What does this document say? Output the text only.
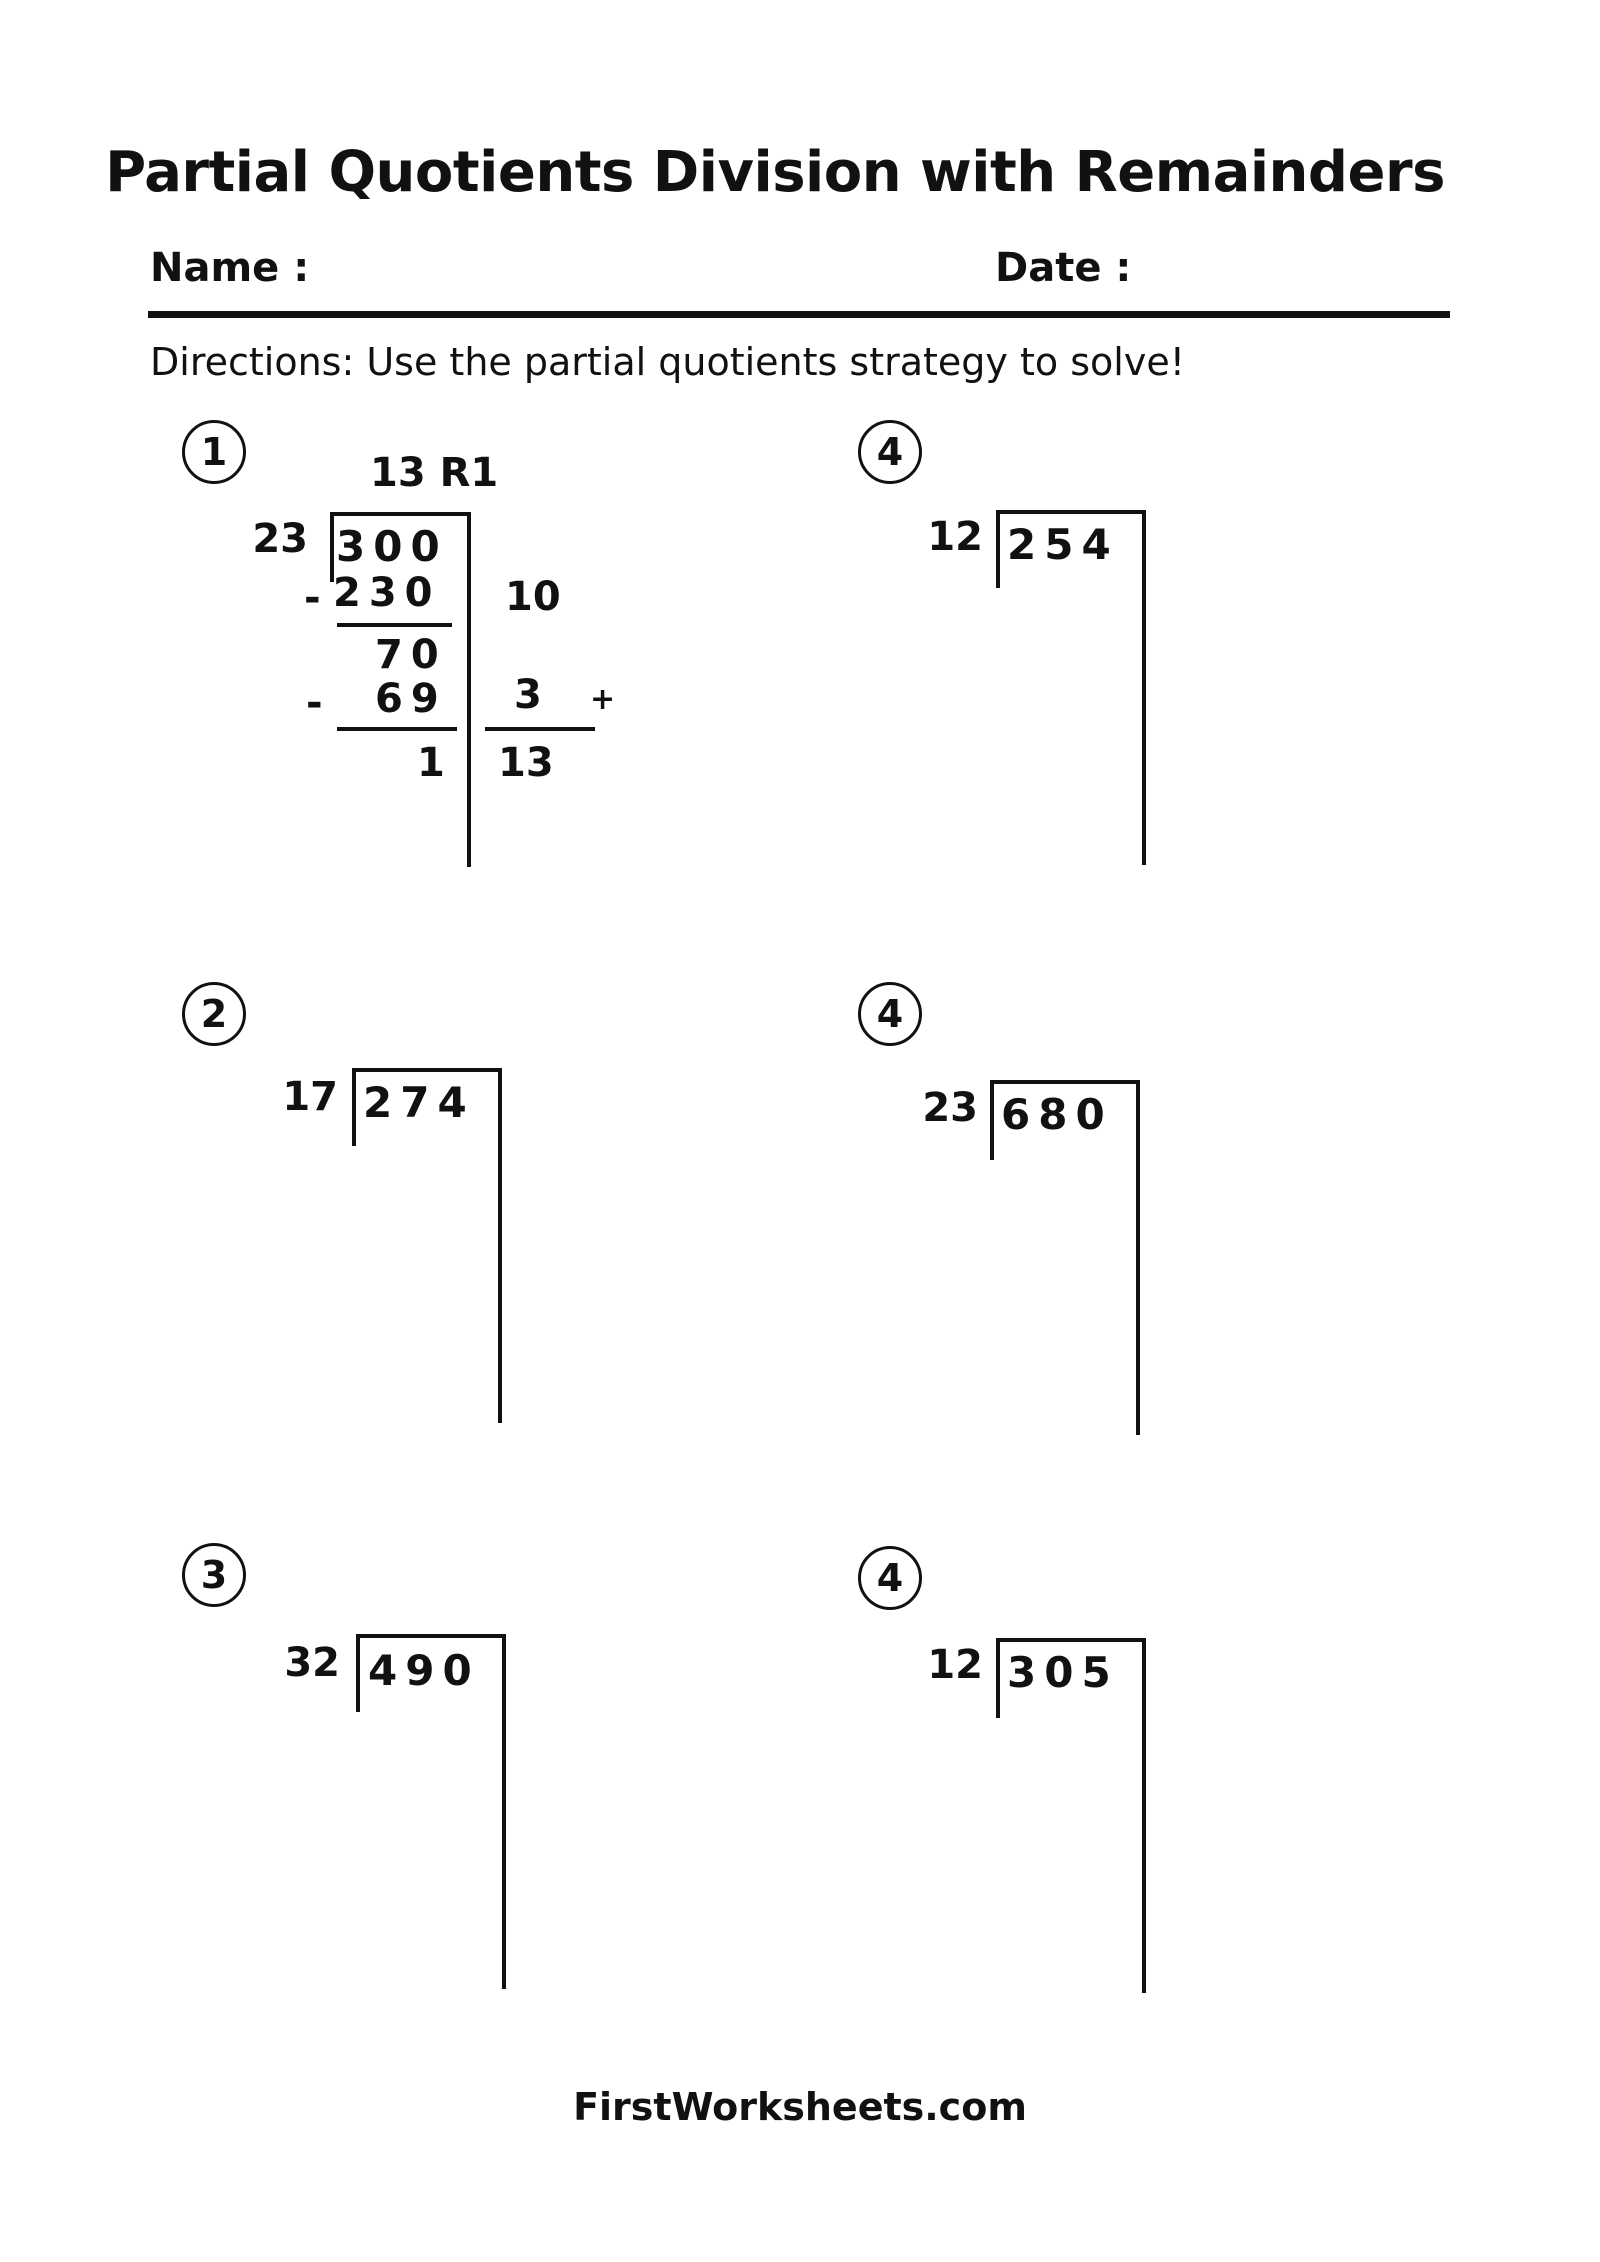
Partial Quotients Division with Remainders
Name :	Date :
Directions: Use the partial quotients strategy to solve!
1	13 R1
23 300
- 230 10
70
- 69 3 +
1 13
2
17 274
3
32 490
4
12 254
4
23 680
4
12 305
FirstWorksheets.com
